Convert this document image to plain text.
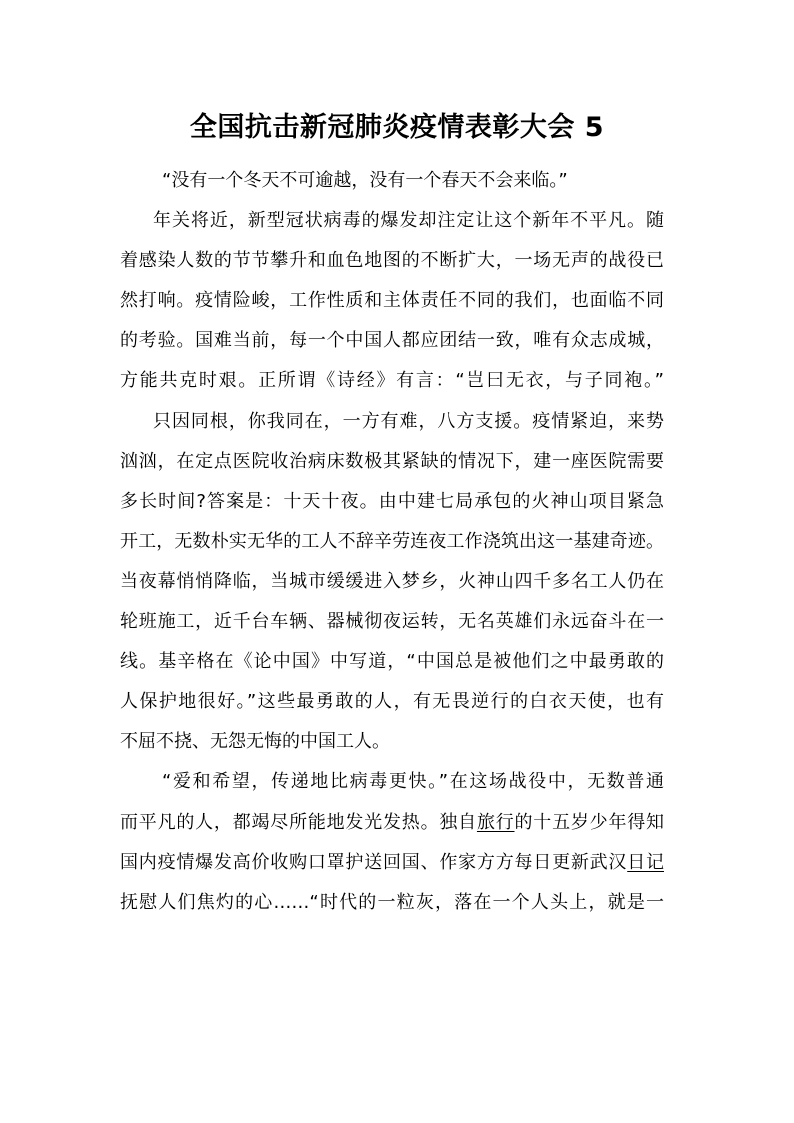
全国抗击新冠肺炎疫情表彰大会 5
“没有一个冬天不可逾越，没有一个春天不会来临。”
年关将近，新型冠状病毒的爆发却注定让这个新年不平凡。随
着感染人数的节节攀升和血色地图的不断扩大，一场无声的战役已
然打响。疫情险峻，工作性质和主体责任不同的我们，也面临不同
的考验。国难当前，每一个中国人都应团结一致，唯有众志成城，
方能共克时艰。正所谓《诗经》有言：“岂曰无衣，与子同袍。”
只因同根，你我同在，一方有难，八方支援。疫情紧迫，来势
汹汹，在定点医院收治病床数极其紧缺的情况下，建一座医院需要
多长时间?答案是：十天十夜。由中建七局承包的火神山项目紧急
开工，无数朴实无华的工人不辞辛劳连夜工作浇筑出这一基建奇迹。
当夜幕悄悄降临，当城市缓缓进入梦乡，火神山四千多名工人仍在
轮班施工，近千台车辆、器械彻夜运转，无名英雄们永远奋斗在一
线。基辛格在《论中国》中写道，“中国总是被他们之中最勇敢的
人保护地很好。”这些最勇敢的人，有无畏逆行的白衣天使，也有
不屈不挠、无怨无悔的中国工人。
“爱和希望，传递地比病毒更快。”在这场战役中，无数普通
而平凡的人，都竭尽所能地发光发热。独自旅行的十五岁少年得知
国内疫情爆发高价收购口罩护送回国、作家方方每日更新武汉日记
抚慰人们焦灼的心……“时代的一粒灰，落在一个人头上，就是一
